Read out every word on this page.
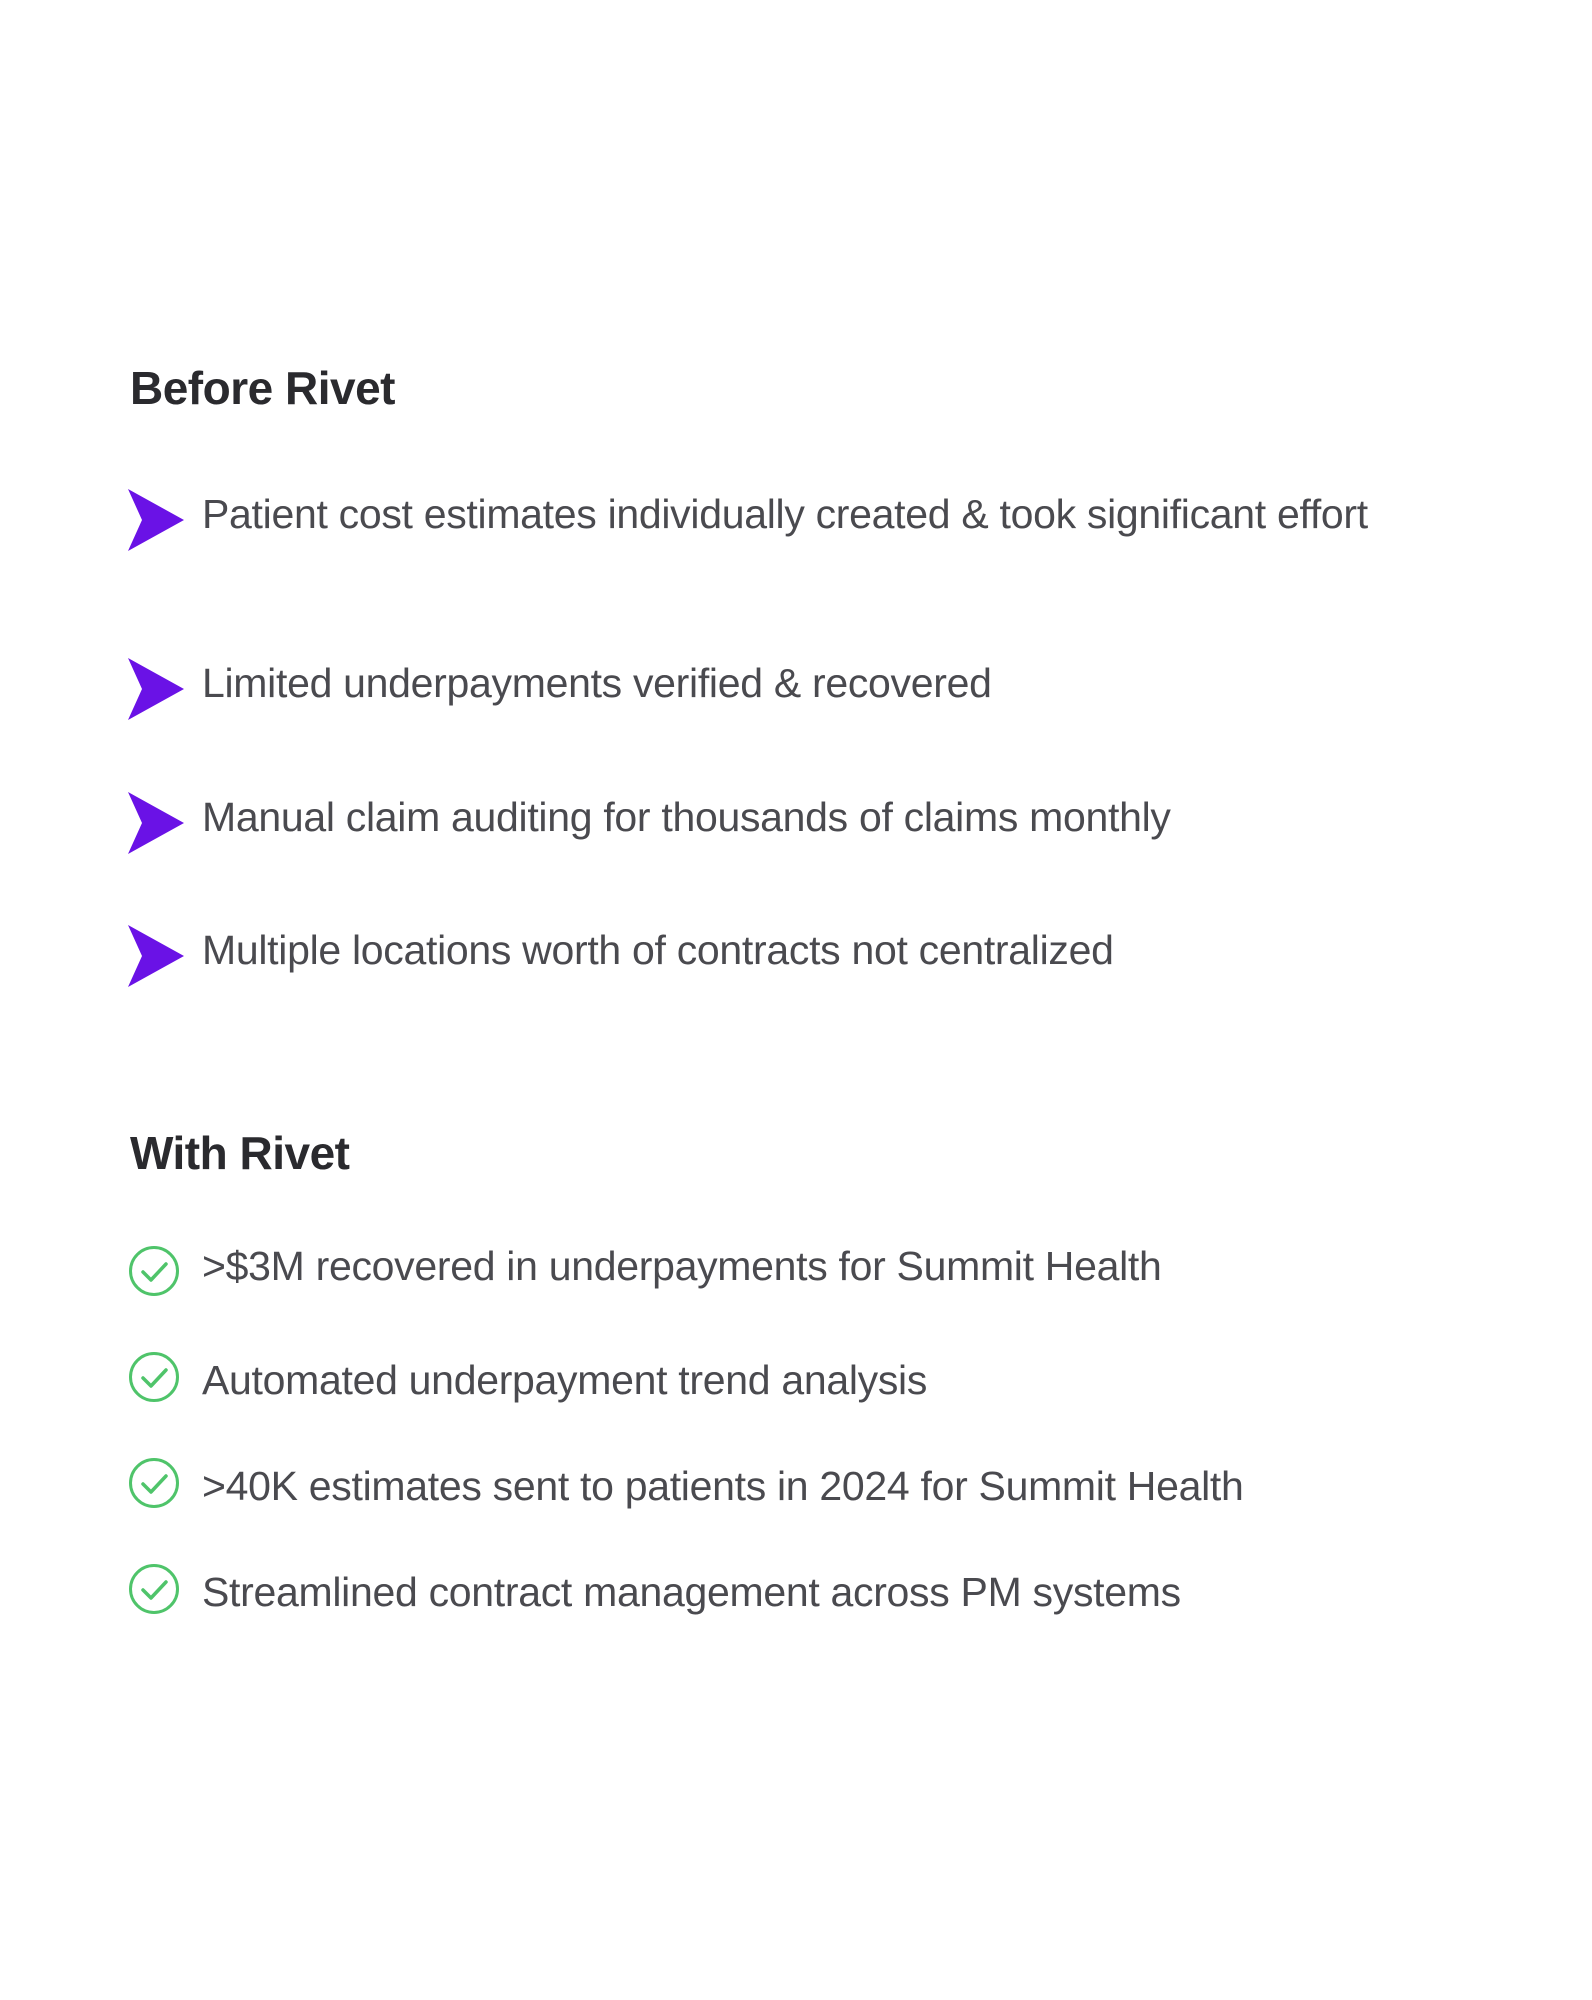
Before Rivet
Patient cost estimates individually created & took significant effort
Limited underpayments verified & recovered
Manual claim auditing for thousands of claims monthly
Multiple locations worth of contracts not centralized
With Rivet
>$3M recovered in underpayments for Summit Health
Automated underpayment trend analysis
>40K estimates sent to patients in 2024 for Summit Health
Streamlined contract management across PM systems
